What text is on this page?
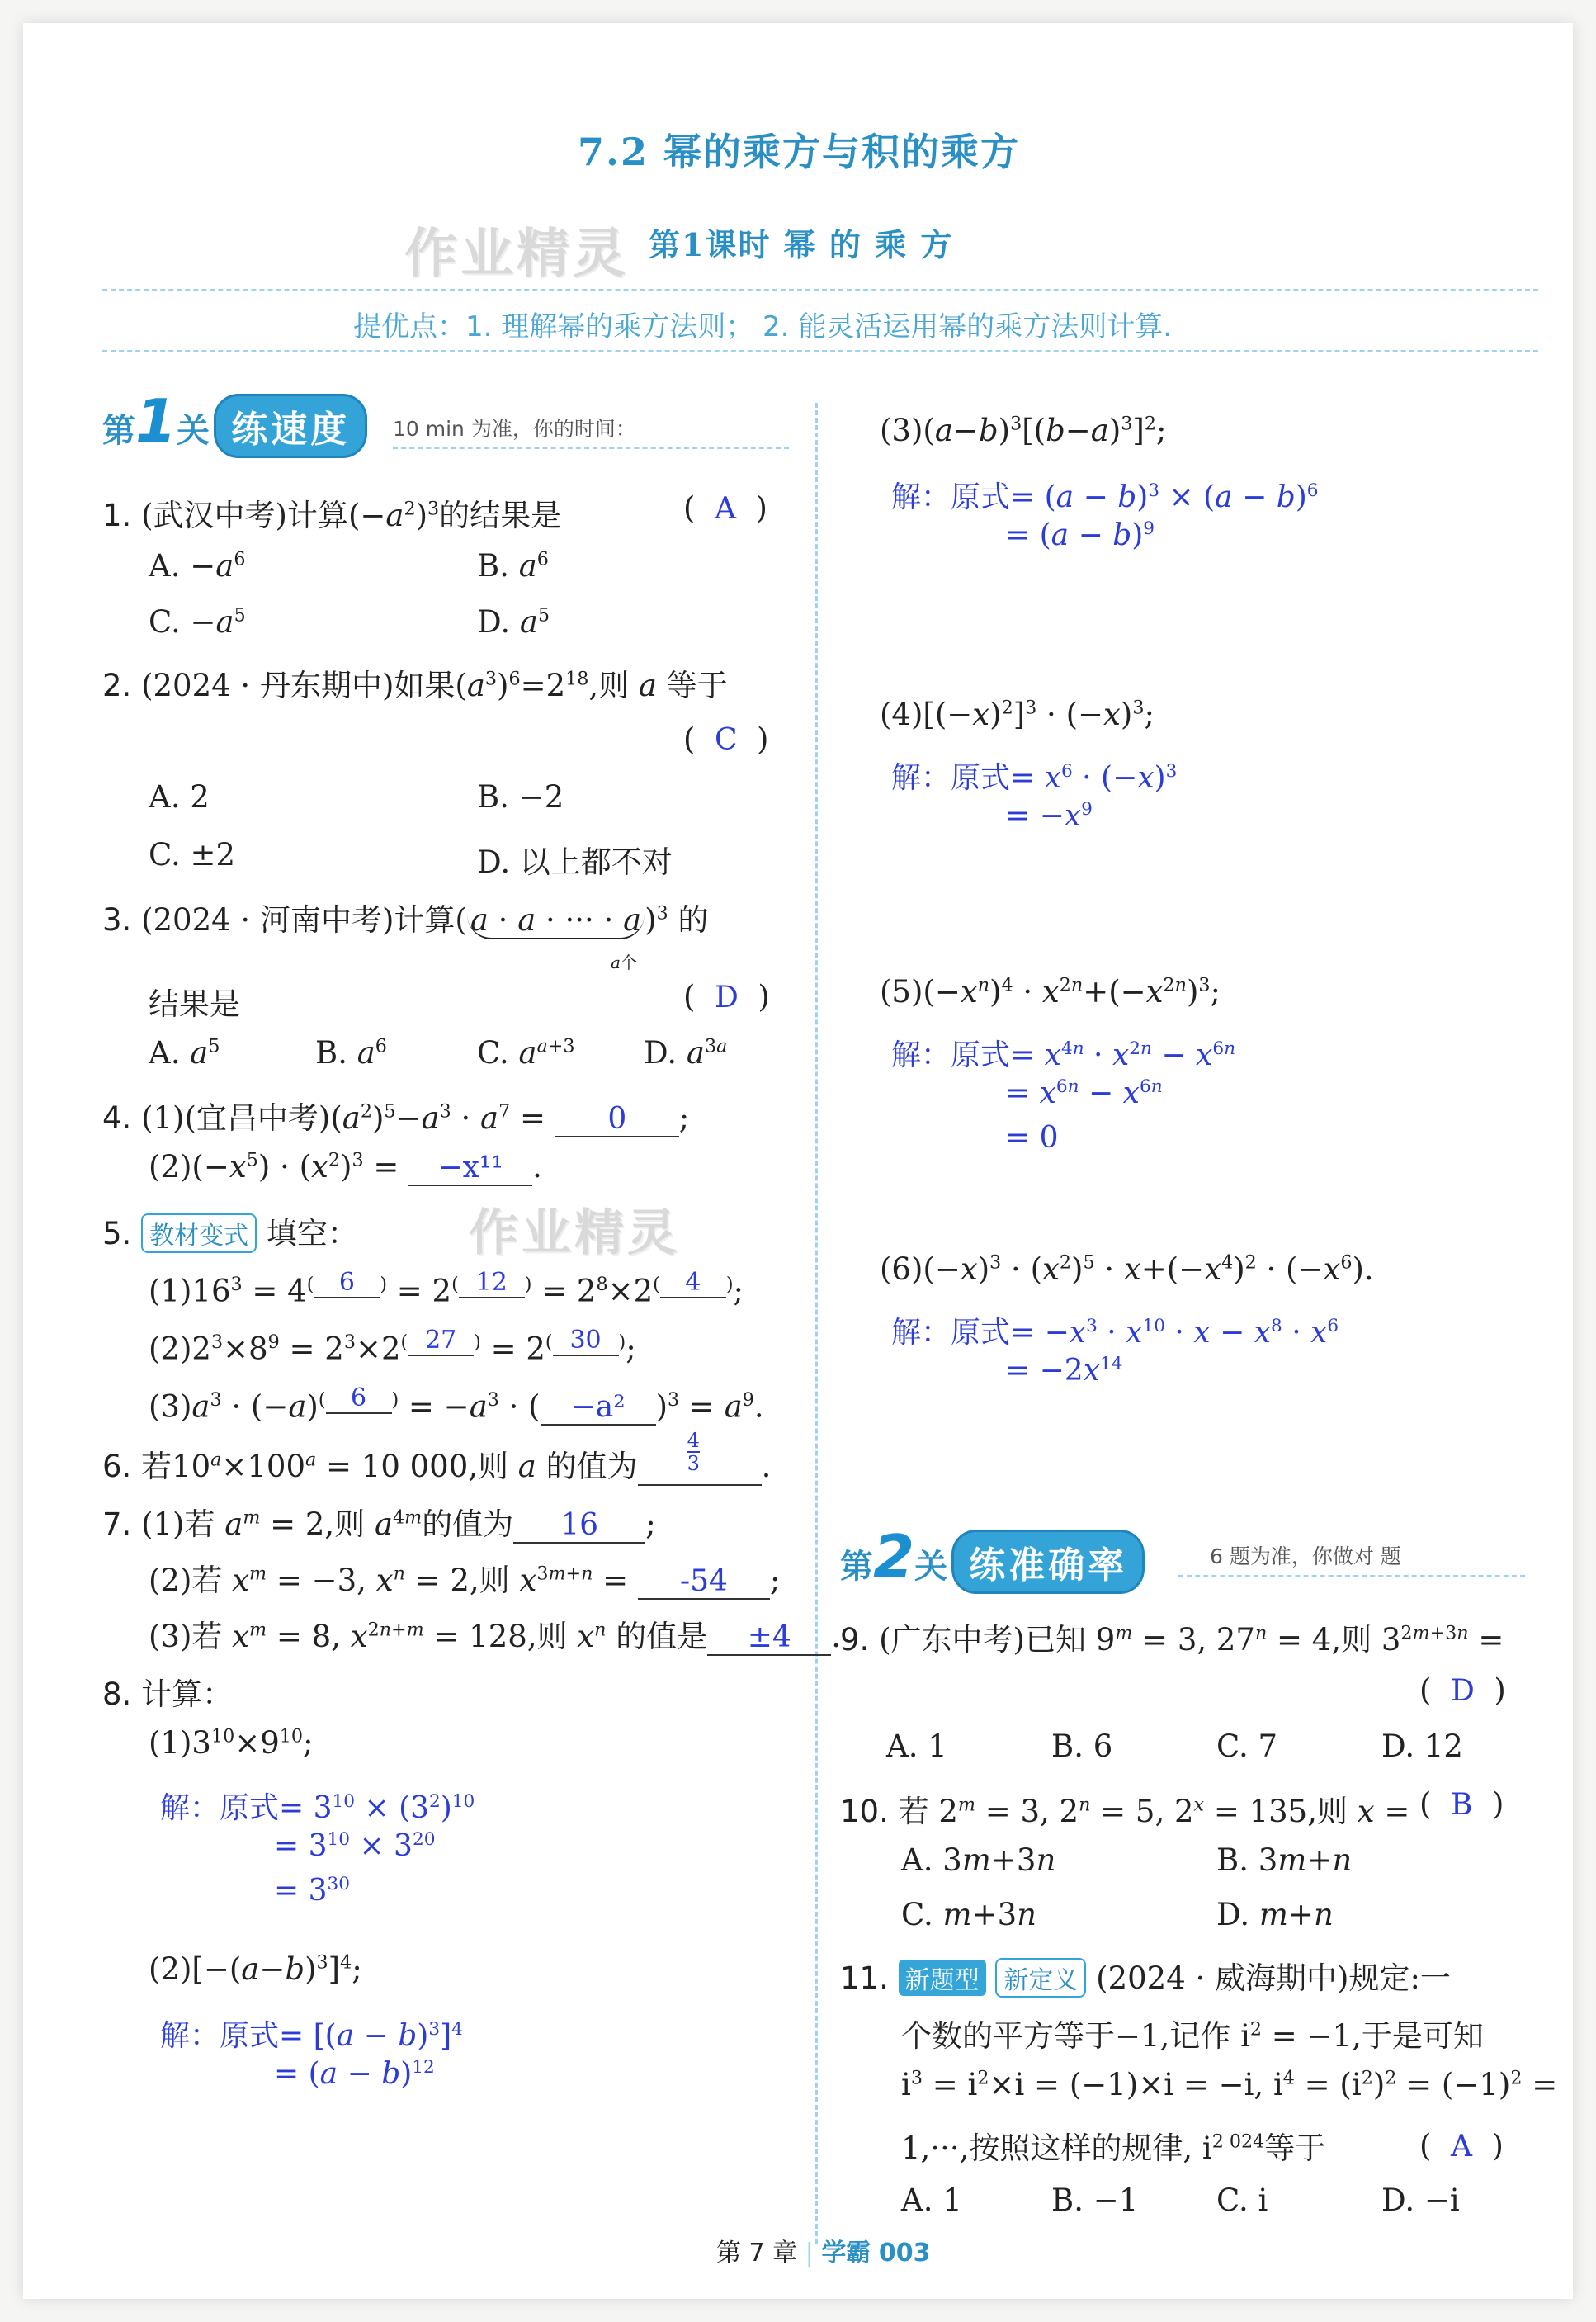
7.2 幂的乘方与积的乘方
作业精灵 第1课时 幂 的 乘 方
提优点：1. 理解幂的乘方法则； 2. 能灵活运用幂的乘方法则计算.
第1关 练速度	10 min 为准，你的时间：
1. (武汉中考)计算$(-a^2)^3$的结果是	(  A  )
A. $-a^6$	B. $a^6$
C. $-a^5$	D. $a^5$
2. (2024 · 丹东期中)如果$(a^3)^6=2^{18}$,则 a 等于
(  C  )
A. 2	B. −2
C. ±2	D. 以上都不对
3. (2024 · 河南中考)计算( a · a · ··· · a )$^3$ 的
a个
结果是	(  D  )
A. $a^5$	B. $a^6$	C. $a^{a+3}$ D. $a^{3a}$
4. (1)(宜昌中考)$(a^2)^5-a^3 \cdot a^7 = 0$ ;
$(2)(-x^5) \cdot (x^2)^3 = -x^{11}$ .
5. 教材变式 填空： 作业精灵
$(1)16^3 = 4^{( 6 )} = 2^{( 12 )} = 2^8\times 2^{( 4 )}$;
$(2)2^3\times 8^9 = 2^3\times 2^{( 27 )} = 2^{( 30 )}$;
$(3)a^3 \cdot (-a)^{( 6 )} = -a^3$ · ( −a² )$^3 = a^9$.
6. 若$10^a\times 100^a = 10$ 000,则 a 的值为
4
3 .
7. (1)若 $a^m = 2$,则 $a^{4m}$的值为 16 ;
(2)若 $x^m = -3$, $x^n = 2$,则 $x^{3m+n} = -54$ ;
(3)若 $x^m = 8$, $x^{2n+m} = 128$,则 $x^n$ 的值是 ±4 .
8. 计算：
$(1)3^{10}\times 9^{10}$;
解：原式= $3^{10} \times (3^2)^{10}$
= $3^{10} \times 3^{20}$
= $3^{30}$
$(2)[-(a-b)^3]^4$;
解：原式= $[(a - b)^3]^4$
= $(a - b)^{12}$
$(3)(a-b)^3[(b-a)^3]^2$;
解：原式= $(a - b)^3 \times (a - b)^6$
= $(a - b)^9$
$(4)[(-x)^2]^3 \cdot (-x)^3$;
解：原式= $x^6 \cdot (-x)^3$
= $-x^9$
$(5)(-x^n)^4 \cdot x^{2n}+(-x^{2n})^3$;
解：原式= $x^{4n} \cdot x^{2n} - x^{6n}$
= $x^{6n} - x^{6n}$
= 0
$(6)(-x)^3 \cdot (x^2)^5 \cdot x+(-x^4)^2 \cdot (-x^6)$.
解：原式= $-x^3 \cdot x^{10} \cdot x - x^8 \cdot x^6$
= $-2x^{14}$
第2关 练准确率	6 题为准，你做对 题
9. (广东中考)已知 $9^m = 3$, $27^n = 4$,则 $3^{2m+3n}$ =
(  D  )
A. 1	B. 6	C. 7	D. 12
10. 若 $2^m = 3$, $2^n = 5$, $2^x = 135$,则 x = (  B  )
A. 3m+3n	B. 3m+n
C. m+3n	D. m+n
11. 新题型 新定义 (2024 · 威海期中)规定:一
个数的平方等于−1,记作 $i^2 = -1$,于是可知
$i^3 = i^2\times i = (-1)\times i = -i$, $i^4 = (i^2)^2 = (-1)^2$ =
1,···,按照这样的规律, $i^{2 024}$等于	(  A  )
A. 1	B. −1	C. i	D. −i
第 7 章 | 学霸 003
